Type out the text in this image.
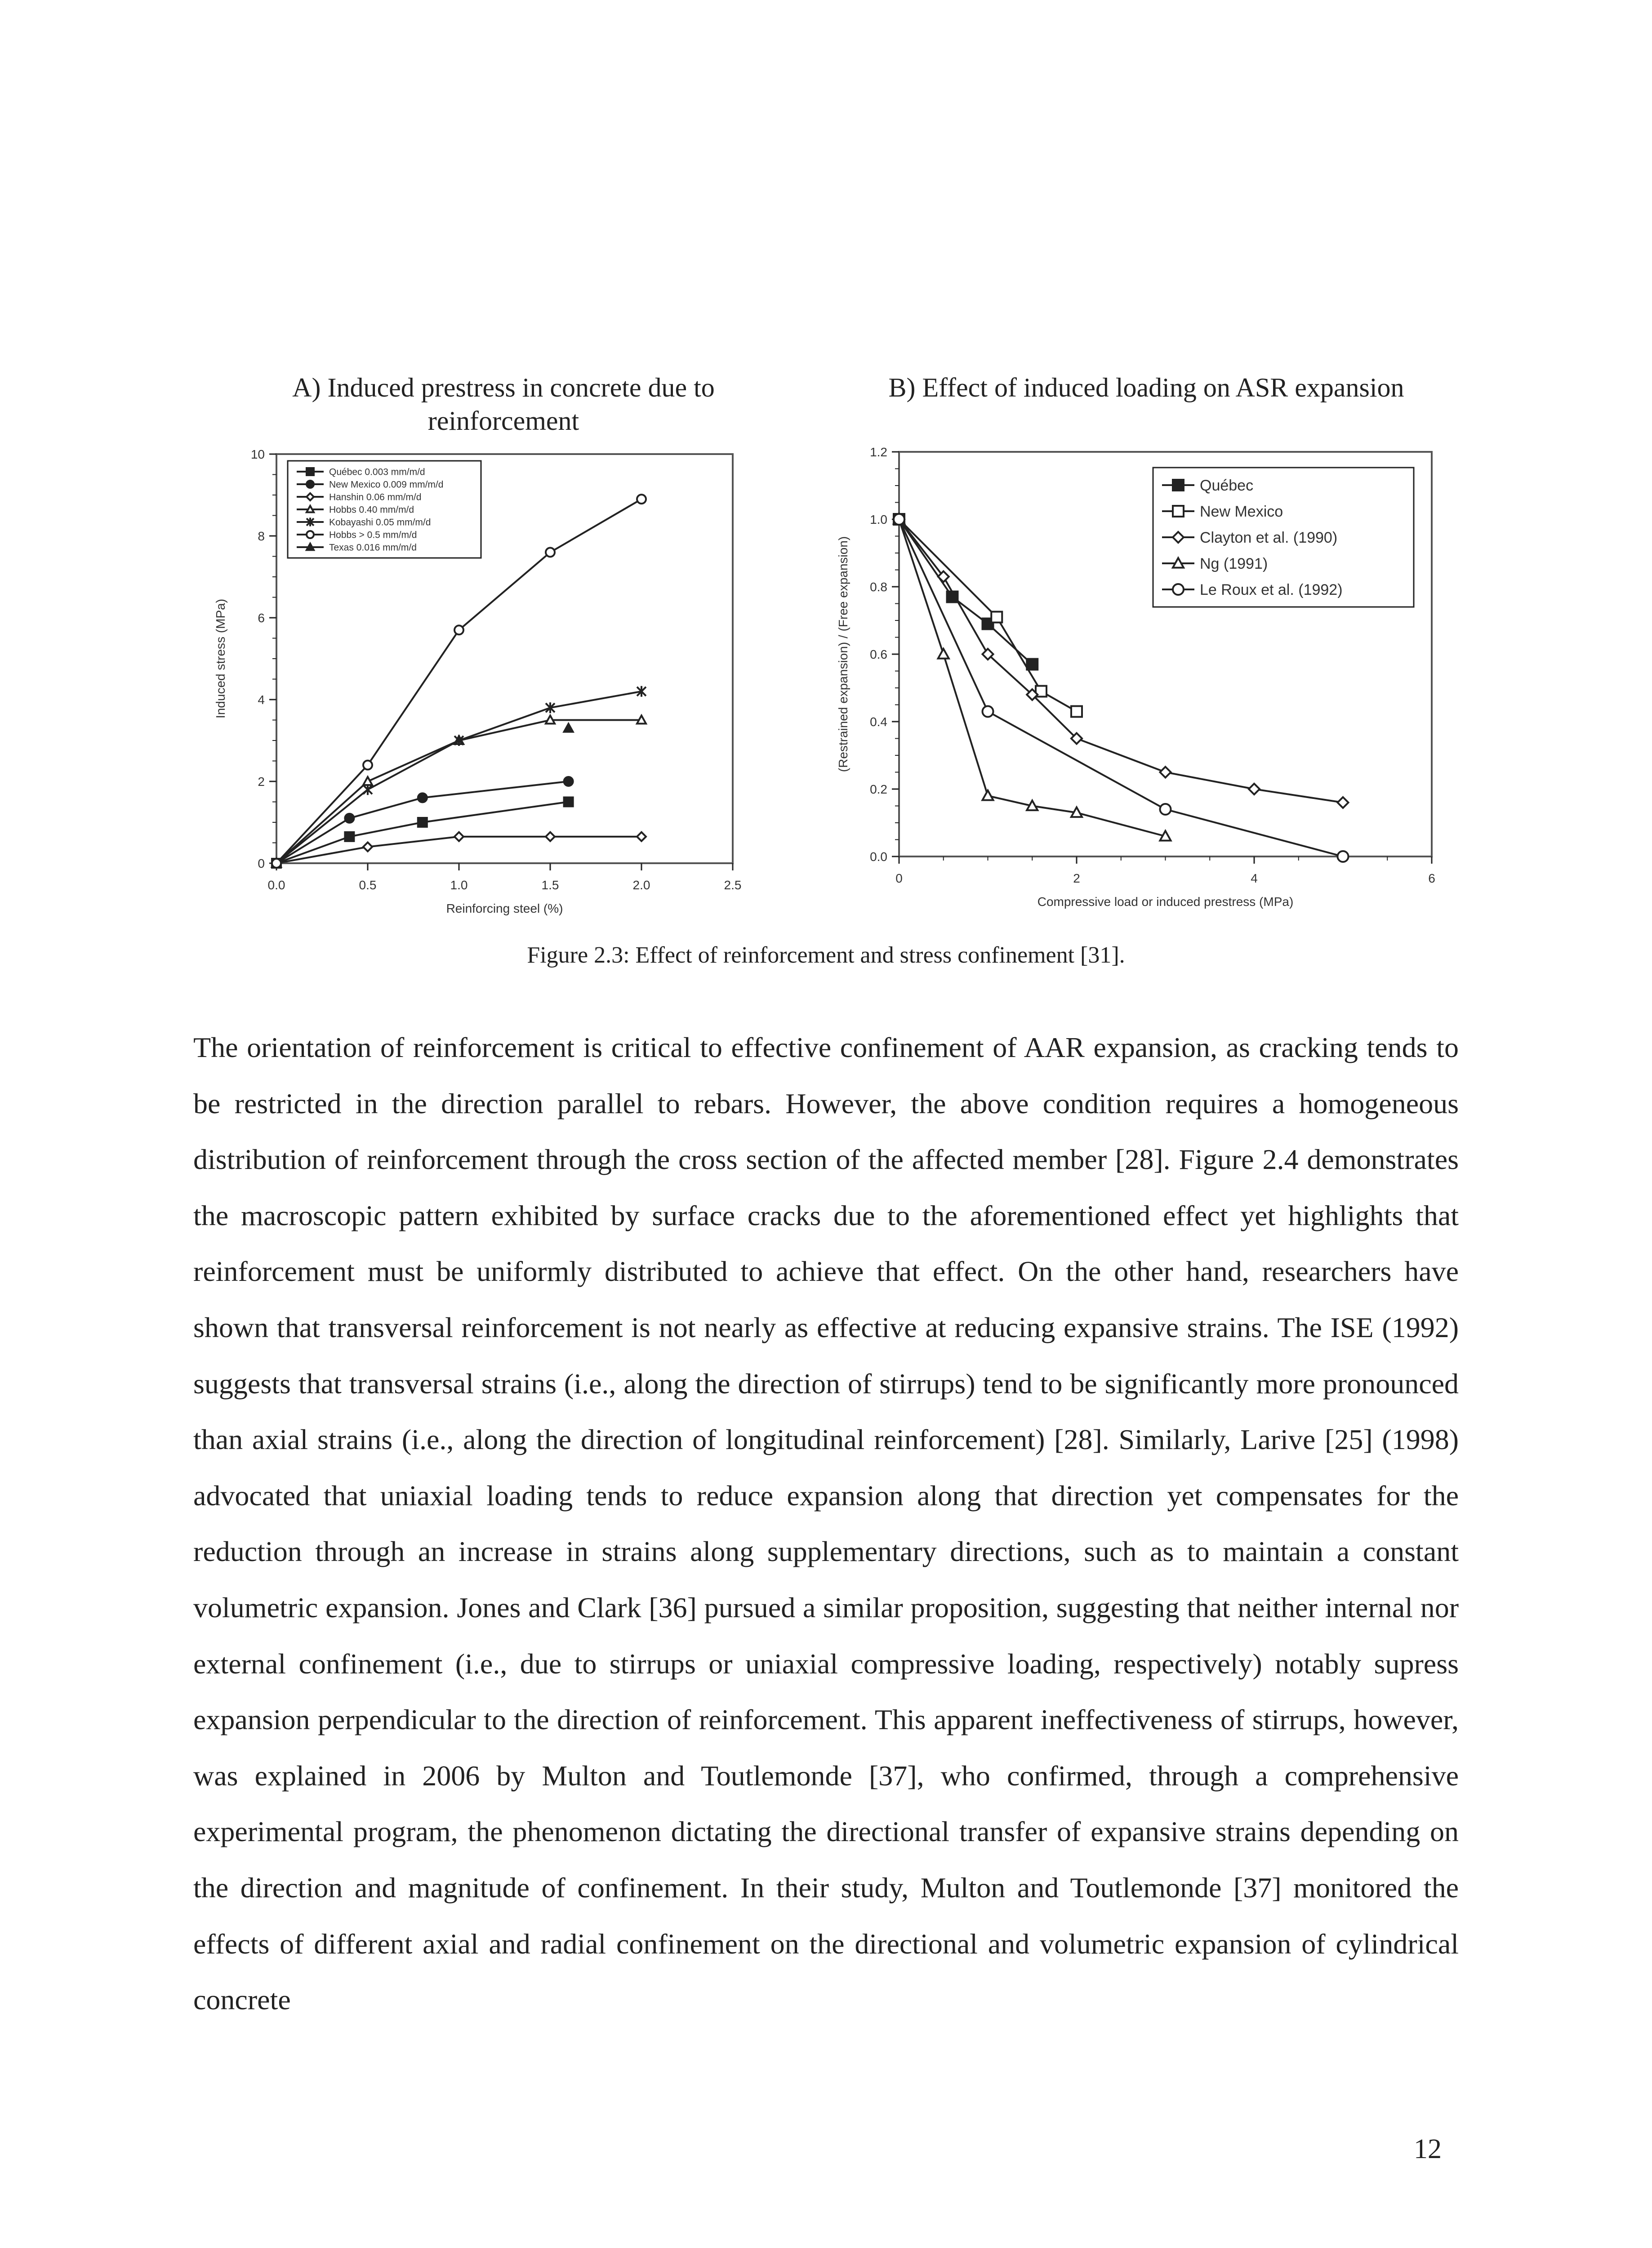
A) Induced prestress in concrete due to reinforcement
B) Effect of induced loading on ASR expansion
0.0	0.5	1.0	1.5	2.0	2.5
0
2
4
6
8
10
Reinforcing steel (%)
Induced stress (MPa)
Québec 0.003 mm/m/d
New Mexico 0.009 mm/m/d
Hanshin 0.06 mm/m/d
Hobbs 0.40 mm/m/d
Kobayashi 0.05 mm/m/d
Hobbs > 0.5 mm/m/d
Texas 0.016 mm/m/d
0	2	4	6
0.0
0.2
0.4
0.6
0.8
1.0
1.2
Compressive load or induced prestress (MPa)
(Restrained expansion) / (Free expansion)
Québec
New Mexico
Clayton et al. (1990)
Ng (1991)
Le Roux et al. (1992)
Figure 2.3: Effect of reinforcement and stress confinement [31].

The orientation of reinforcement is critical to effective confinement of AAR expansion, as cracking tends to be restricted in the direction parallel to rebars. However, the above condition requires a homogeneous distribution of reinforcement through the cross section of the affected member [28]. Figure 2.4 demonstrates the macroscopic pattern exhibited by surface cracks due to the aforementioned effect yet highlights that reinforcement must be uniformly distributed to achieve that effect. On the other hand, researchers have shown that transversal reinforcement is not nearly as effective at reducing expansive strains. The ISE (1992) suggests that transversal strains (i.e., along the direction of stirrups) tend to be significantly more pronounced than axial strains (i.e., along the direction of longitudinal reinforcement) [28]. Similarly, Larive [25] (1998) advocated that uniaxial loading tends to reduce expansion along that direction yet compensates for the reduction through an increase in strains along supplementary directions, such as to maintain a constant volumetric expansion. Jones and Clark [36] pursued a similar proposition, suggesting that neither internal nor external confinement (i.e., due to stirrups or uniaxial compressive loading, respectively) notably supress expansion perpendicular to the direction of reinforcement. This apparent ineffectiveness of stirrups, however, was explained in 2006 by Multon and Toutlemonde [37], who confirmed, through a comprehensive experimental program, the phenomenon dictating the directional transfer of expansive strains depending on the direction and magnitude of confinement. In their study, Multon and Toutlemonde [37] monitored the effects of different axial and radial confinement on the directional and volumetric expansion of cylindrical concrete

12
